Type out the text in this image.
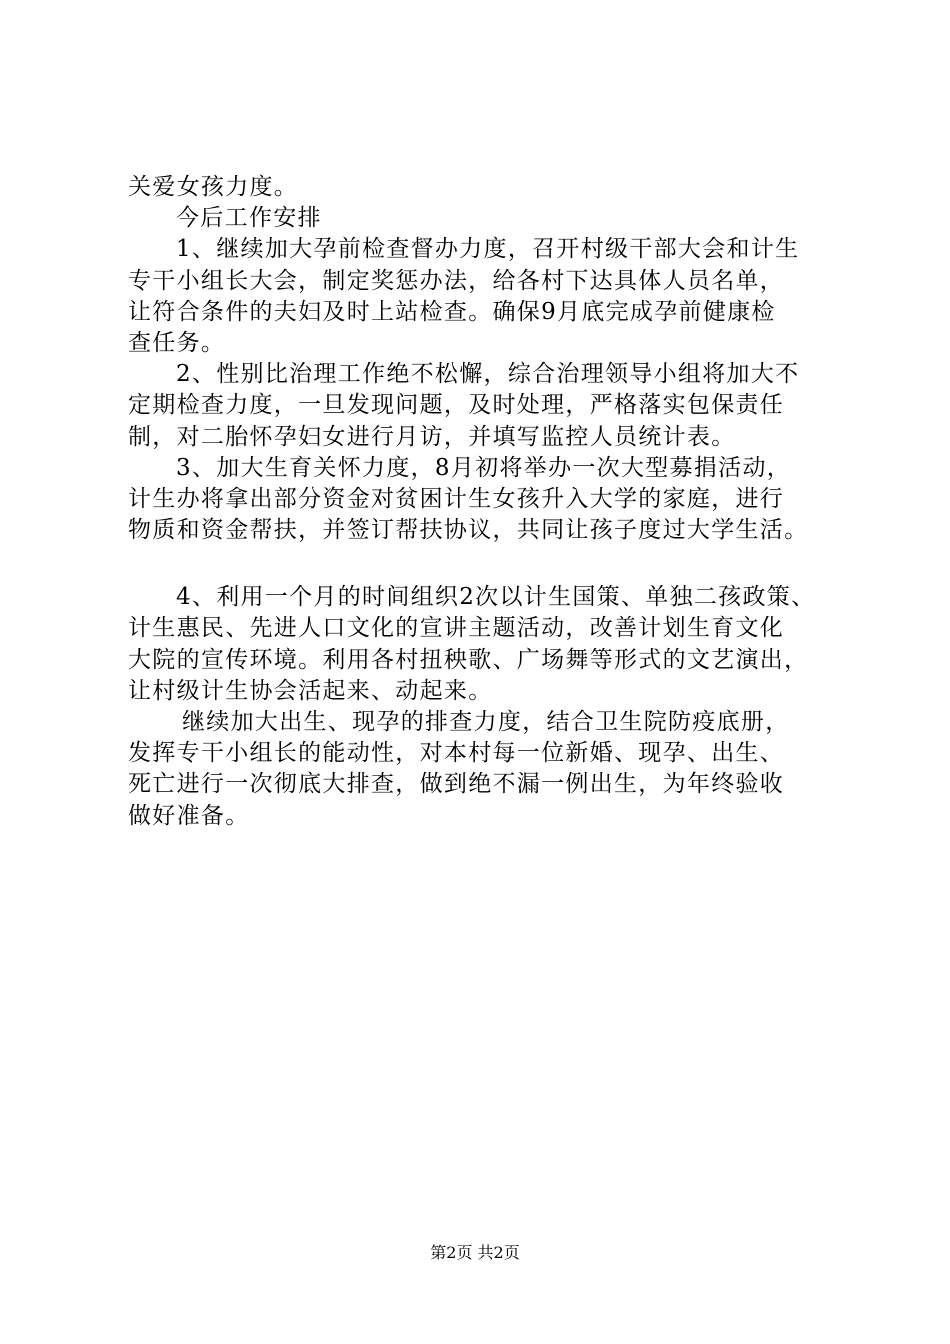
关爱女孩力度。
今后工作安排
1、继续加大孕前检查督办力度，召开村级干部大会和计生
专干小组长大会，制定奖惩办法，给各村下达具体人员名单，
让符合条件的夫妇及时上站检查。确保9月底完成孕前健康检
查任务。
2、性别比治理工作绝不松懈，综合治理领导小组将加大不
定期检查力度，一旦发现问题，及时处理，严格落实包保责任
制，对二胎怀孕妇女进行月访，并填写监控人员统计表。
3、加大生育关怀力度，8月初将举办一次大型募捐活动，
计生办将拿出部分资金对贫困计生女孩升入大学的家庭，进行
物质和资金帮扶，并签订帮扶协议，共同让孩子度过大学生活。
4、利用一个月的时间组织2次以计生国策、单独二孩政策、
计生惠民、先进人口文化的宣讲主题活动，改善计划生育文化
大院的宣传环境。利用各村扭秧歌、广场舞等形式的文艺演出，
让村级计生协会活起来、动起来。
继续加大出生、现孕的排查力度，结合卫生院防疫底册，
发挥专干小组长的能动性，对本村每一位新婚、现孕、出生、
死亡进行一次彻底大排查，做到绝不漏一例出生，为年终验收
做好准备。
第2页 共2页
